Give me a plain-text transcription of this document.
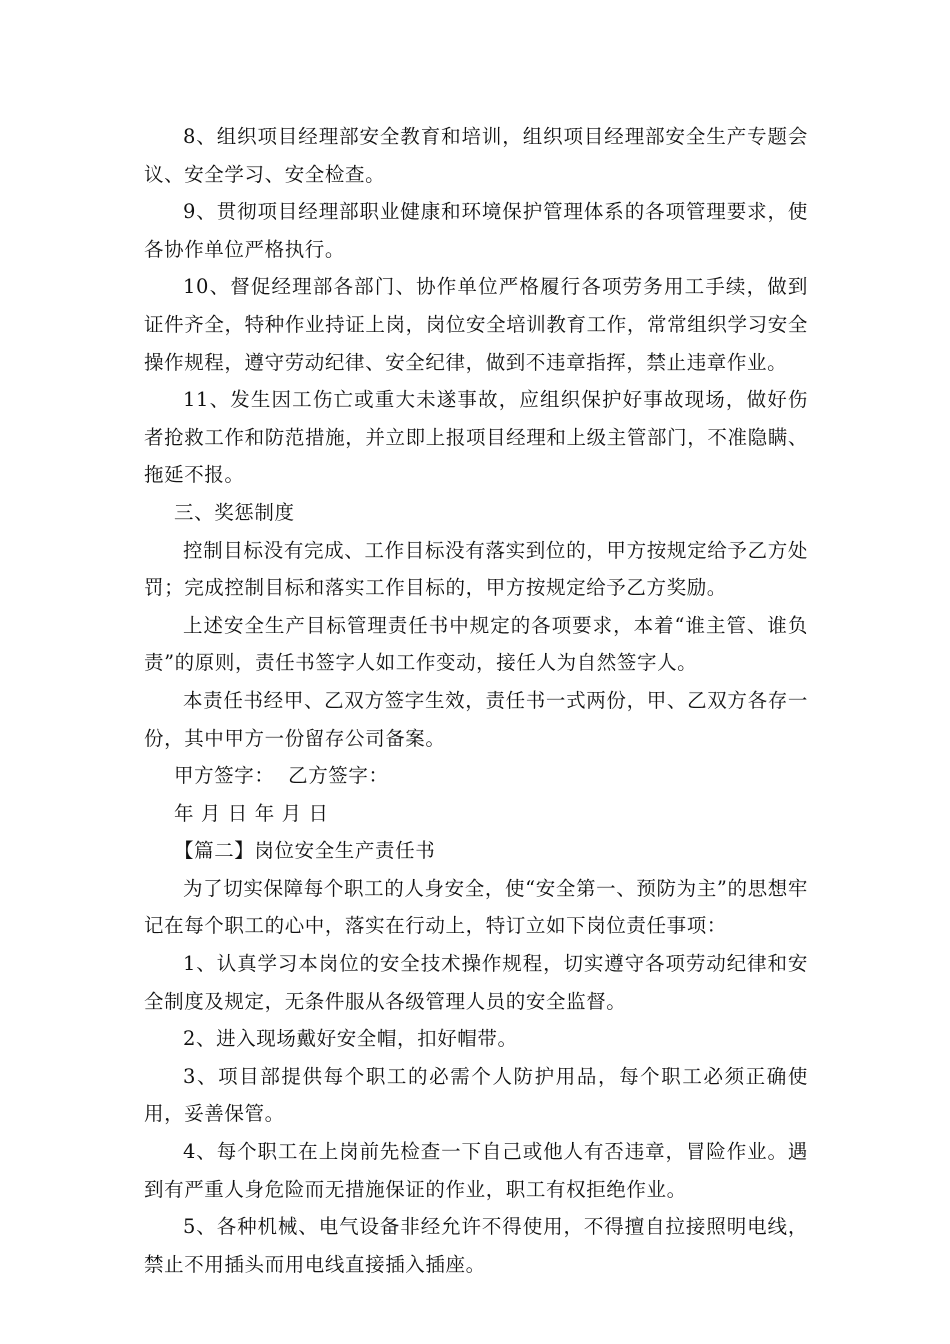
8、组织项目经理部安全教育和培训，组织项目经理部安全生产专题会议、安全学习、安全检查。

9、贯彻项目经理部职业健康和环境保护管理体系的各项管理要求，使各协作单位严格执行。

10、督促经理部各部门、协作单位严格履行各项劳务用工手续，做到证件齐全，特种作业持证上岗，岗位安全培训教育工作，常常组织学习安全操作规程，遵守劳动纪律、安全纪律，做到不违章指挥，禁止违章作业。

11、发生因工伤亡或重大未遂事故，应组织保护好事故现场，做好伤者抢救工作和防范措施，并立即上报项目经理和上级主管部门，不准隐瞒、拖延不报。

三、奖惩制度

控制目标没有完成、工作目标没有落实到位的，甲方按规定给予乙方处罚；完成控制目标和落实工作目标的，甲方按规定给予乙方奖励。

上述安全生产目标管理责任书中规定的各项要求，本着“谁主管、谁负责”的原则，责任书签字人如工作变动，接任人为自然签字人。

本责任书经甲、乙双方签字生效，责任书一式两份，甲、乙双方各存一份，其中甲方一份留存公司备案。

甲方签字：  乙方签字：

年 月 日 年 月 日

【篇二】岗位安全生产责任书

为了切实保障每个职工的人身安全，使“安全第一、预防为主”的思想牢记在每个职工的心中，落实在行动上，特订立如下岗位责任事项：

1、认真学习本岗位的安全技术操作规程，切实遵守各项劳动纪律和安全制度及规定，无条件服从各级管理人员的安全监督。

2、进入现场戴好安全帽，扣好帽带。

3、项目部提供每个职工的必需个人防护用品，每个职工必须正确使用，妥善保管。

4、每个职工在上岗前先检查一下自己或他人有否违章，冒险作业。遇到有严重人身危险而无措施保证的作业，职工有权拒绝作业。

5、各种机械、电气设备非经允许不得使用，不得擅自拉接照明电线，禁止不用插头而用电线直接插入插座。
